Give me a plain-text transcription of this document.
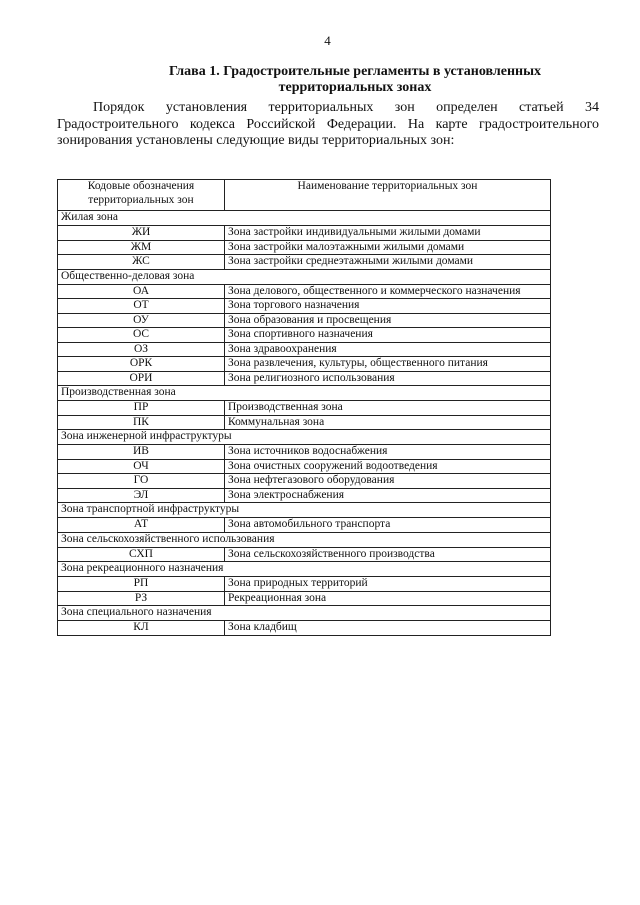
4
Глава 1. Градостроительные регламенты в установленных
территориальных зонах
Порядок установления территориальных зон определен статьей 34 Градостроительного кодекса Российской Федерации. На карте градостроительного зонирования установлены следующие виды территориальных зон:
Кодовые обозначения территориальных зон	Наименование территориальных зон
Жилая зона	
ЖИ	Зона застройки индивидуальными жилыми домами
ЖМ	Зона застройки малоэтажными жилыми домами
ЖС	Зона застройки среднеэтажными жилыми домами
Общественно-деловая зона	
ОА	Зона делового, общественного и коммерческого назначения
ОТ	Зона торгового назначения
ОУ	Зона образования и просвещения
ОС	Зона спортивного назначения
ОЗ	Зона здравоохранения
ОРК	Зона развлечения, культуры, общественного питания
ОРИ	Зона религиозного использования
Производственная зона	
ПР	Производственная зона
ПК	Коммунальная зона
Зона инженерной инфраструктуры	
ИВ	Зона источников водоснабжения
ОЧ	Зона очистных сооружений водоотведения
ГО	Зона нефтегазового оборудования
ЭЛ	Зона электроснабжения
Зона транспортной инфраструктуры	
АТ	Зона автомобильного транспорта
Зона сельскохозяйственного использования	
СХП	Зона сельскохозяйственного производства
Зона рекреационного назначения	
РП	Зона природных территорий
РЗ	Рекреационная зона
Зона специального назначения	
КЛ	Зона кладбищ
